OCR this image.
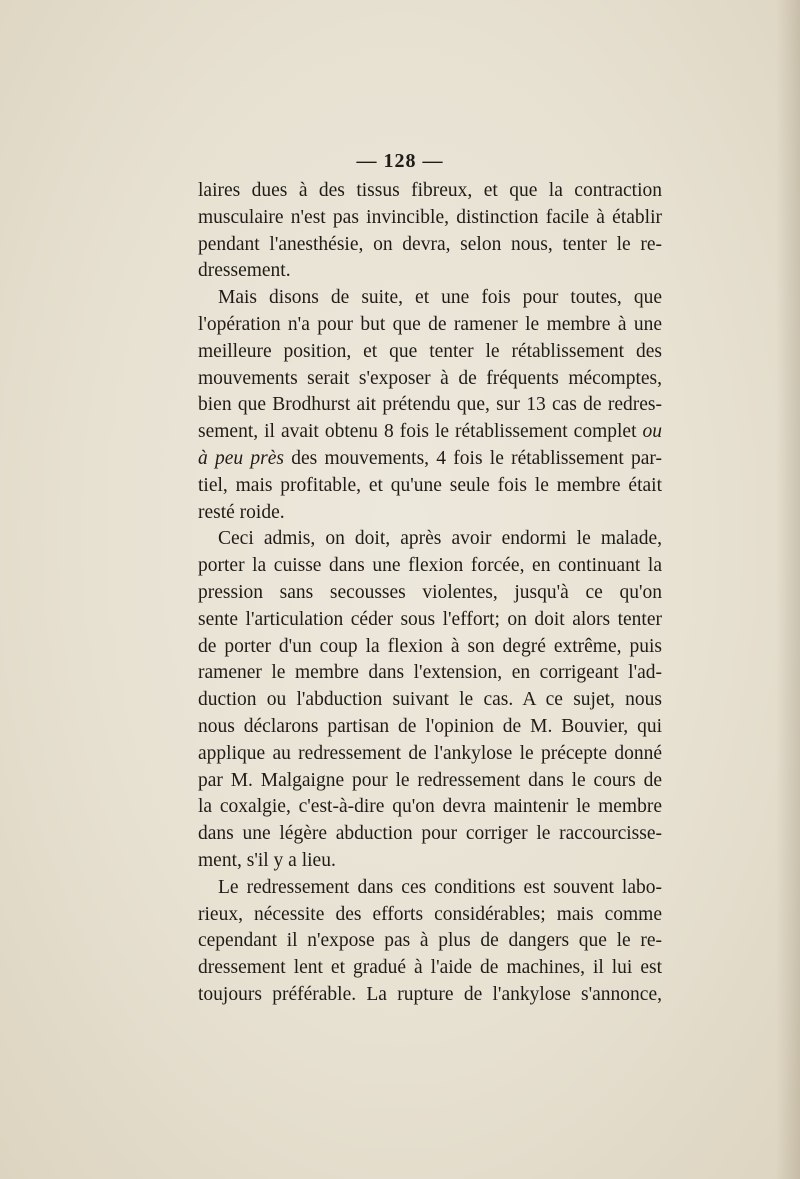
— 128 —
laires dues à des tissus fibreux, et que la contraction
musculaire n'est pas invincible, distinction facile à établir
pendant l'anesthésie, on devra, selon nous, tenter le re-
dressement.
Mais disons de suite, et une fois pour toutes, que
l'opération n'a pour but que de ramener le membre à une
meilleure position, et que tenter le rétablissement des
mouvements serait s'exposer à de fréquents mécomptes,
bien que Brodhurst ait prétendu que, sur 13 cas de redres-
sement, il avait obtenu 8 fois le rétablissement complet ou
à peu près des mouvements, 4 fois le rétablissement par-
tiel, mais profitable, et qu'une seule fois le membre était
resté roide.
Ceci admis, on doit, après avoir endormi le malade,
porter la cuisse dans une flexion forcée, en continuant la
pression sans secousses violentes, jusqu'à ce qu'on
sente l'articulation céder sous l'effort; on doit alors tenter
de porter d'un coup la flexion à son degré extrême, puis
ramener le membre dans l'extension, en corrigeant l'ad-
duction ou l'abduction suivant le cas. A ce sujet, nous
nous déclarons partisan de l'opinion de M. Bouvier, qui
applique au redressement de l'ankylose le précepte donné
par M. Malgaigne pour le redressement dans le cours de
la coxalgie, c'est-à-dire qu'on devra maintenir le membre
dans une légère abduction pour corriger le raccourcisse-
ment, s'il y a lieu.
Le redressement dans ces conditions est souvent labo-
rieux, nécessite des efforts considérables; mais comme
cependant il n'expose pas à plus de dangers que le re-
dressement lent et gradué à l'aide de machines, il lui est
toujours préférable. La rupture de l'ankylose s'annonce,
